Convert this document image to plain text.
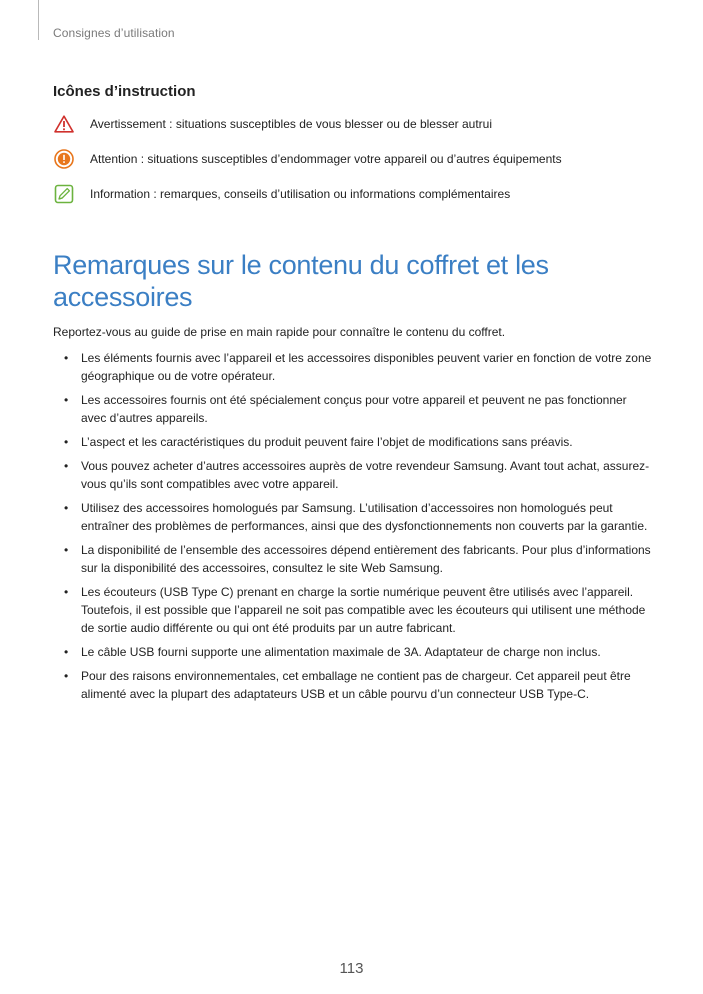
Consignes d’utilisation
Icônes d’instruction
Avertissement : situations susceptibles de vous blesser ou de blesser autrui
Attention : situations susceptibles d’endommager votre appareil ou d’autres équipements
Information : remarques, conseils d’utilisation ou informations complémentaires
Remarques sur le contenu du coffret et les accessoires

Reportez-vous au guide de prise en main rapide pour connaître le contenu du coffret.

• Les éléments fournis avec l’appareil et les accessoires disponibles peuvent varier en fonction de votre zone géographique ou de votre opérateur.
• Les accessoires fournis ont été spécialement conçus pour votre appareil et peuvent ne pas fonctionner avec d’autres appareils.
• L’aspect et les caractéristiques du produit peuvent faire l’objet de modifications sans préavis.
• Vous pouvez acheter d’autres accessoires auprès de votre revendeur Samsung. Avant tout achat, assurez-vous qu’ils sont compatibles avec votre appareil.
• Utilisez des accessoires homologués par Samsung. L’utilisation d’accessoires non homologués peut entraîner des problèmes de performances, ainsi que des dysfonctionnements non couverts par la garantie.
• La disponibilité de l’ensemble des accessoires dépend entièrement des fabricants. Pour plus d’informations sur la disponibilité des accessoires, consultez le site Web Samsung.
• Les écouteurs (USB Type C) prenant en charge la sortie numérique peuvent être utilisés avec l’appareil. Toutefois, il est possible que l’appareil ne soit pas compatible avec les écouteurs qui utilisent une méthode de sortie audio différente ou qui ont été produits par un autre fabricant.
• Le câble USB fourni supporte une alimentation maximale de 3A. Adaptateur de charge non inclus.
• Pour des raisons environnementales, cet emballage ne contient pas de chargeur. Cet appareil peut être alimenté avec la plupart des adaptateurs USB et un câble pourvu d’un connecteur USB Type-C.
113
